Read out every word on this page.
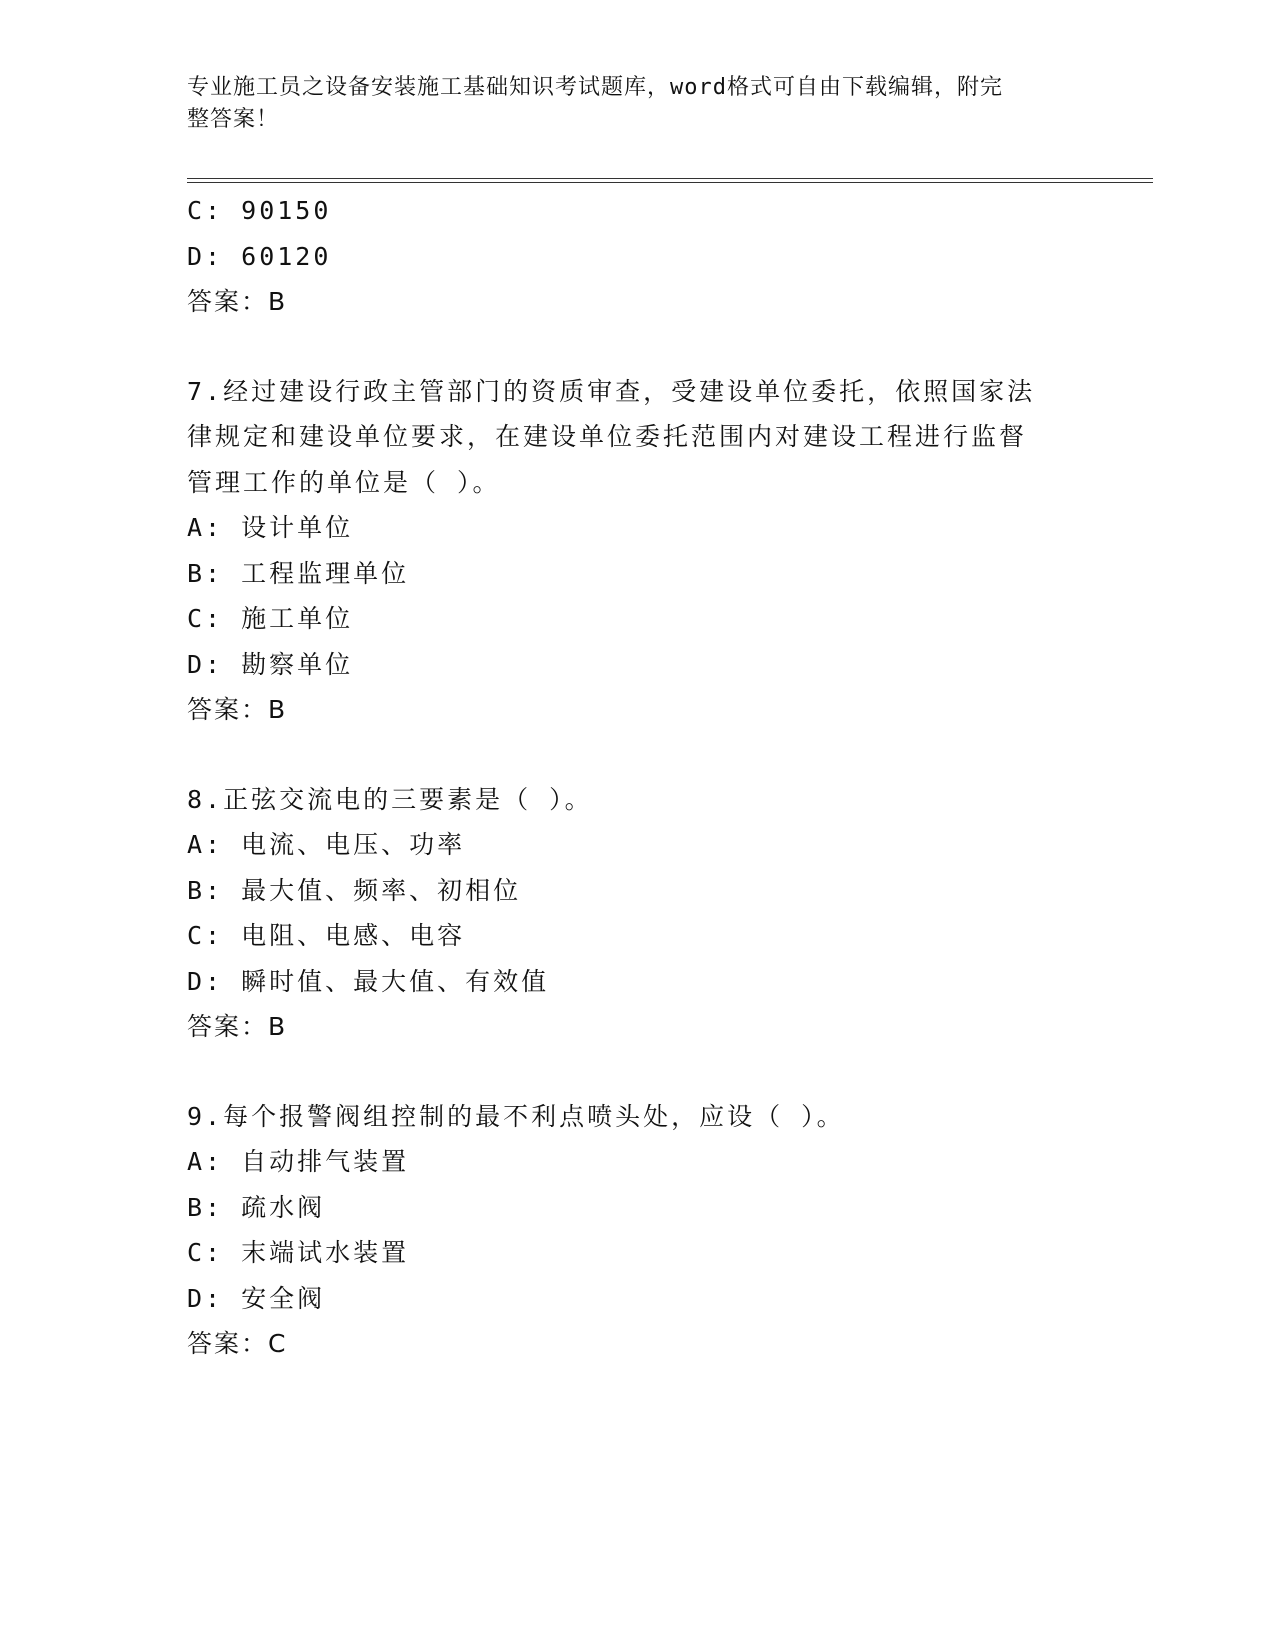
专业施工员之设备安装施工基础知识考试题库，word格式可自由下载编辑，附完
整答案！
C: 90150
D: 60120
答案：B
7.经过建设行政主管部门的资质审查，受建设单位委托，依照国家法
律规定和建设单位要求，在建设单位委托范围内对建设工程进行监督
管理工作的单位是（ ）。
A: 设计单位
B: 工程监理单位
C: 施工单位
D: 勘察单位
答案：B
8.正弦交流电的三要素是（ ）。
A: 电流、电压、功率
B: 最大值、频率、初相位
C: 电阻、电感、电容
D: 瞬时值、最大值、有效值
答案：B
9.每个报警阀组控制的最不利点喷头处，应设（ ）。
A: 自动排气装置
B: 疏水阀
C: 末端试水装置
D: 安全阀
答案：C
